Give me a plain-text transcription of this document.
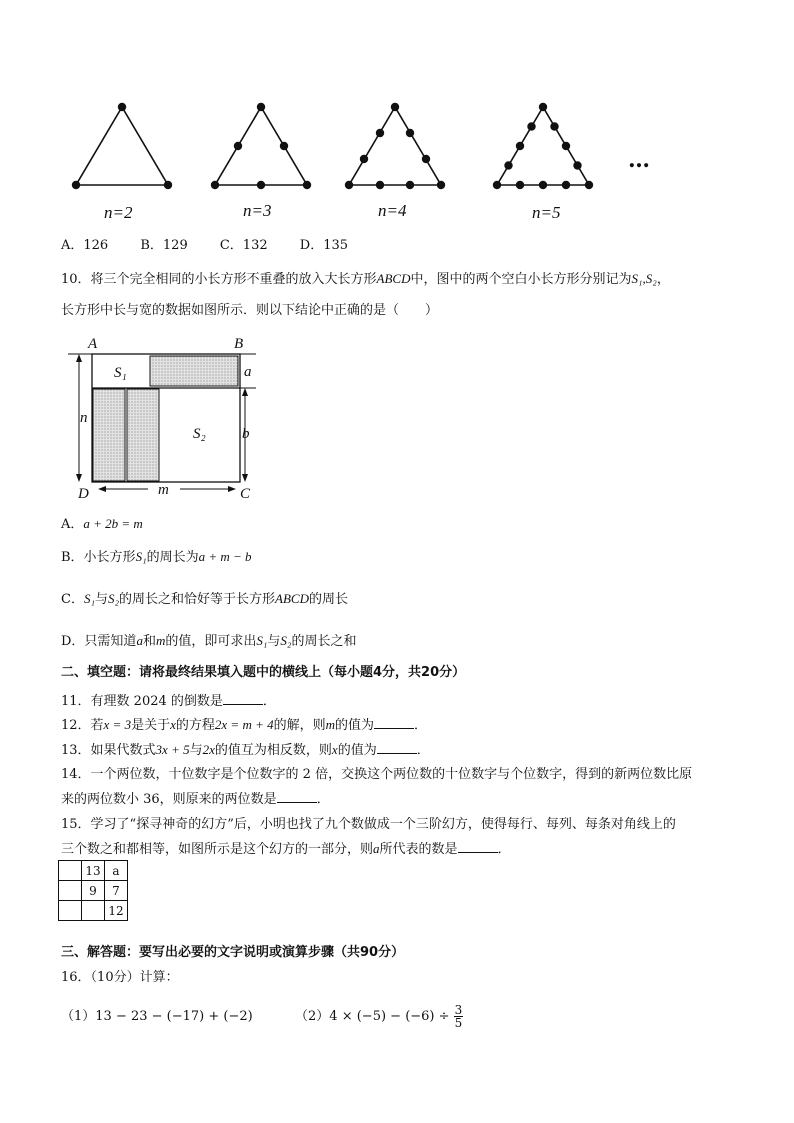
n=2	n=3	n=4	n=5
…
A．126 B．129 C．132 D．135
10．将三个完全相同的小长方形不重叠的放入大长方形ABCD中，图中的两个空白小长方形分别记为S₁,S₂，
长方形中长与宽的数据如图所示．则以下结论中正确的是（　　）
A	B
D	C
S₁
S₂
a
b
n
m
A．a + 2b = m
B．小长方形S₁的周长为a + m − b
C．S₁与S₂的周长之和恰好等于长方形ABCD的周长
D．只需知道a和m的值，即可求出S₁与S₂的周长之和
二、填空题：请将最终结果填入题中的横线上（每小题4分，共20分）
11．有理数 2024 的倒数是	．
12．若x = 3是关于x的方程2x = m + 4的解，则m的值为	．
13．如果代数式3x + 5与2x的值互为相反数，则x的值为	．
14．一个两位数，十位数字是个位数字的 2 倍，交换这个两位数的十位数字与个位数字，得到的新两位数比原
来的两位数小 36，则原来的两位数是	．
15．学习了“探寻神奇的幻方”后，小明也找了九个数做成一个三阶幻方，使得每行、每列、每条对角线上的
三个数之和都相等，如图所示是这个幻方的一部分，则a所代表的数是	．
	13	a
	9	7
		12
三、解答题：要写出必要的文字说明或演算步骤（共90分）
16．（10分）计算：
（1）13 − 23 − (−17) + (−2)	$(2)4 \times (-5) - (-6) \div \frac{3}{5}$
